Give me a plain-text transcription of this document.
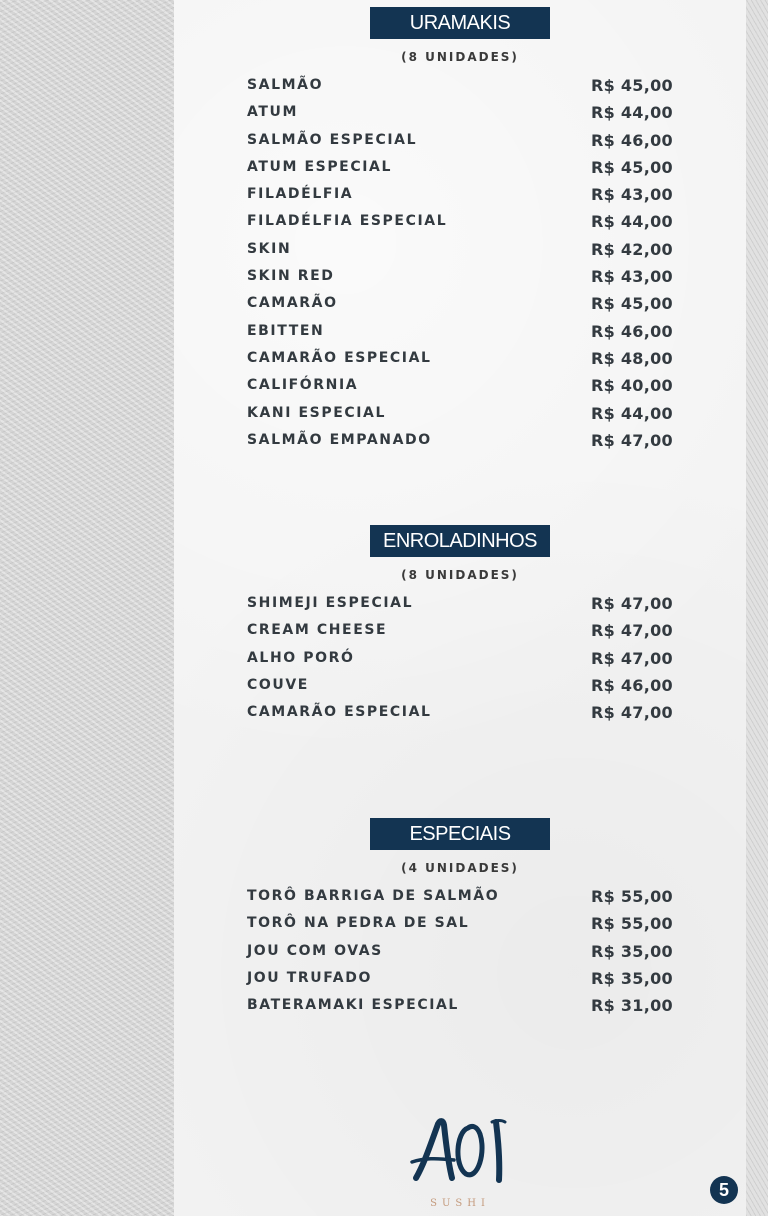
URAMAKIS
(8 UNIDADES)
SALMÃO	R$ 45,00
ATUM	R$ 44,00
SALMÃO ESPECIAL	R$ 46,00
ATUM ESPECIAL	R$ 45,00
FILADÉLFIA	R$ 43,00
FILADÉLFIA ESPECIAL	R$ 44,00
SKIN	R$ 42,00
SKIN RED	R$ 43,00
CAMARÃO	R$ 45,00
EBITTEN	R$ 46,00
CAMARÃO ESPECIAL	R$ 48,00
CALIFÓRNIA	R$ 40,00
KANI ESPECIAL	R$ 44,00
SALMÃO EMPANADO	R$ 47,00
ENROLADINHOS
(8 UNIDADES)
SHIMEJI ESPECIAL	R$ 47,00
CREAM CHEESE	R$ 47,00
ALHO PORÓ	R$ 47,00
COUVE	R$ 46,00
CAMARÃO ESPECIAL	R$ 47,00
ESPECIAIS
(4 UNIDADES)
TORÔ BARRIGA DE SALMÃO	R$ 55,00
TORÔ NA PEDRA DE SAL	R$ 55,00
JOU COM OVAS	R$ 35,00
JOU TRUFADO	R$ 35,00
BATERAMAKI ESPECIAL	R$ 31,00
SUSHI
5
